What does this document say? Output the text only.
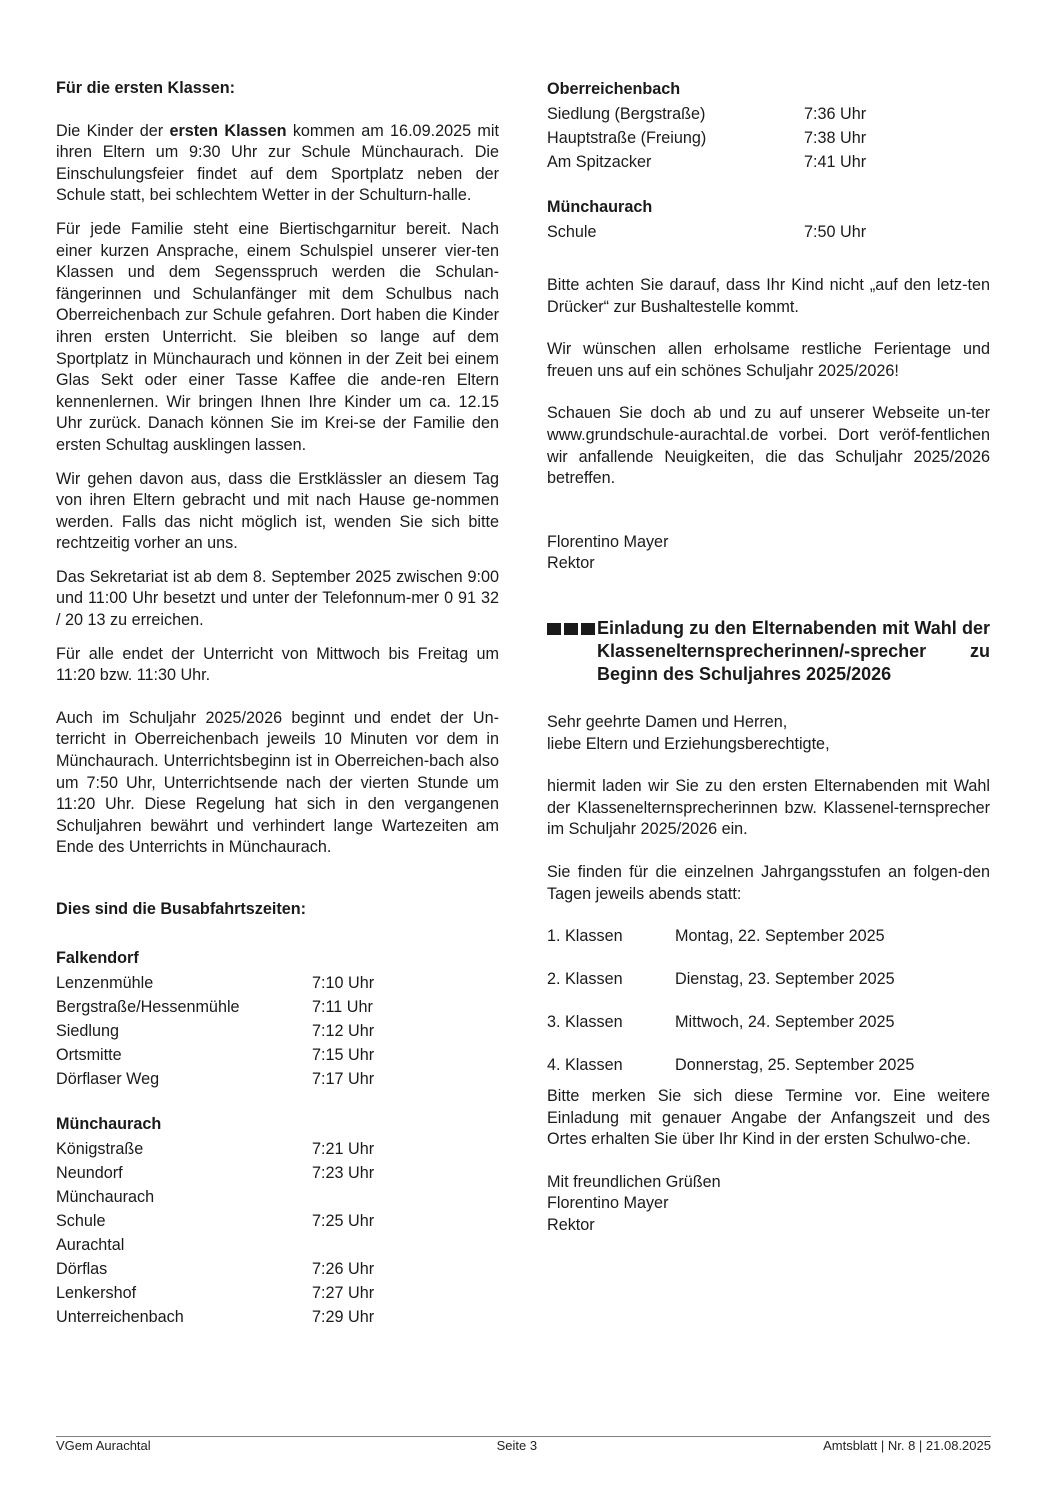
Für die ersten Klassen:

Die Kinder der ersten Klassen kommen am 16.09.2025 mit ihren Eltern um 9:30 Uhr zur Schule Münchaurach. Die Einschulungsfeier findet auf dem Sportplatz neben der Schule statt, bei schlechtem Wetter in der Schulturn-halle.

Für jede Familie steht eine Biertischgarnitur bereit. Nach einer kurzen Ansprache, einem Schulspiel unserer vier-ten Klassen und dem Segensspruch werden die Schulan-fängerinnen und Schulanfänger mit dem Schulbus nach Oberreichenbach zur Schule gefahren. Dort haben die Kinder ihren ersten Unterricht. Sie bleiben so lange auf dem Sportplatz in Münchaurach und können in der Zeit bei einem Glas Sekt oder einer Tasse Kaffee die ande-ren Eltern kennenlernen. Wir bringen Ihnen Ihre Kinder um ca. 12.15 Uhr zurück. Danach können Sie im Krei-se der Familie den ersten Schultag ausklingen lassen.

Wir gehen davon aus, dass die Erstklässler an diesem Tag von ihren Eltern gebracht und mit nach Hause ge-nommen werden. Falls das nicht möglich ist, wenden Sie sich bitte rechtzeitig vorher an uns.

Das Sekretariat ist ab dem 8. September 2025 zwischen 9:00 und 11:00 Uhr besetzt und unter der Telefonnum-mer 0 91 32 / 20 13 zu erreichen.

Für alle endet der Unterricht von Mittwoch bis Freitag um 11:20 bzw. 11:30 Uhr.

Auch im Schuljahr 2025/2026 beginnt und endet der Un-terricht in Oberreichenbach jeweils 10 Minuten vor dem in Münchaurach. Unterrichtsbeginn ist in Oberreichen-bach also um 7:50 Uhr, Unterrichtsende nach der vierten Stunde um 11:20 Uhr. Diese Regelung hat sich in den vergangenen Schuljahren bewährt und verhindert lange Wartezeiten am Ende des Unterrichts in Münchaurach.

Dies sind die Busabfahrtszeiten:

Falkendorf
Lenzenmühle	7:10 Uhr
Bergstraße/Hessenmühle	7:11 Uhr
Siedlung	7:12 Uhr
Ortsmitte	7:15 Uhr
Dörflaser Weg	7:17 Uhr
Münchaurach
Königstraße	7:21 Uhr
Neundorf	7:23 Uhr
Münchaurach
Schule	7:25 Uhr
Aurachtal
Dörflas	7:26 Uhr
Lenkershof	7:27 Uhr
Unterreichenbach	7:29 Uhr
Oberreichenbach
Siedlung (Bergstraße)	7:36 Uhr
Hauptstraße (Freiung)	7:38 Uhr
Am Spitzacker	7:41 Uhr
Münchaurach
Schule	7:50 Uhr

Bitte achten Sie darauf, dass Ihr Kind nicht „auf den letz-ten Drücker“ zur Bushaltestelle kommt.

Wir wünschen allen erholsame restliche Ferientage und freuen uns auf ein schönes Schuljahr 2025/2026!

Schauen Sie doch ab und zu auf unserer Webseite un-ter www.grundschule-aurachtal.de vorbei. Dort veröf-fentlichen wir anfallende Neuigkeiten, die das Schuljahr 2025/2026 betreffen.

Florentino Mayer

Rektor

Einladung zu den Elternabenden mit Wahl der Klassenelternsprecherinnen/-sprecher zu Beginn des Schuljahres 2025/2026

Sehr geehrte Damen und Herren,

liebe Eltern und Erziehungsberechtigte,

hiermit laden wir Sie zu den ersten Elternabenden mit Wahl der Klassenelternsprecherinnen bzw. Klassenel-ternsprecher im Schuljahr 2025/2026 ein.

Sie finden für die einzelnen Jahrgangsstufen an folgen-den Tagen jeweils abends statt:

1. Klassen	Montag, 22. September 2025
2. Klassen	Dienstag, 23. September 2025
3. Klassen	Mittwoch, 24. September 2025
4. Klassen	Donnerstag, 25. September 2025

Bitte merken Sie sich diese Termine vor. Eine weitere Einladung mit genauer Angabe der Anfangszeit und des Ortes erhalten Sie über Ihr Kind in der ersten Schulwo-che.

Mit freundlichen Grüßen

Florentino Mayer

Rektor

VGem Aurachtal	Seite 3	Amtsblatt | Nr. 8 | 21.08.2025
